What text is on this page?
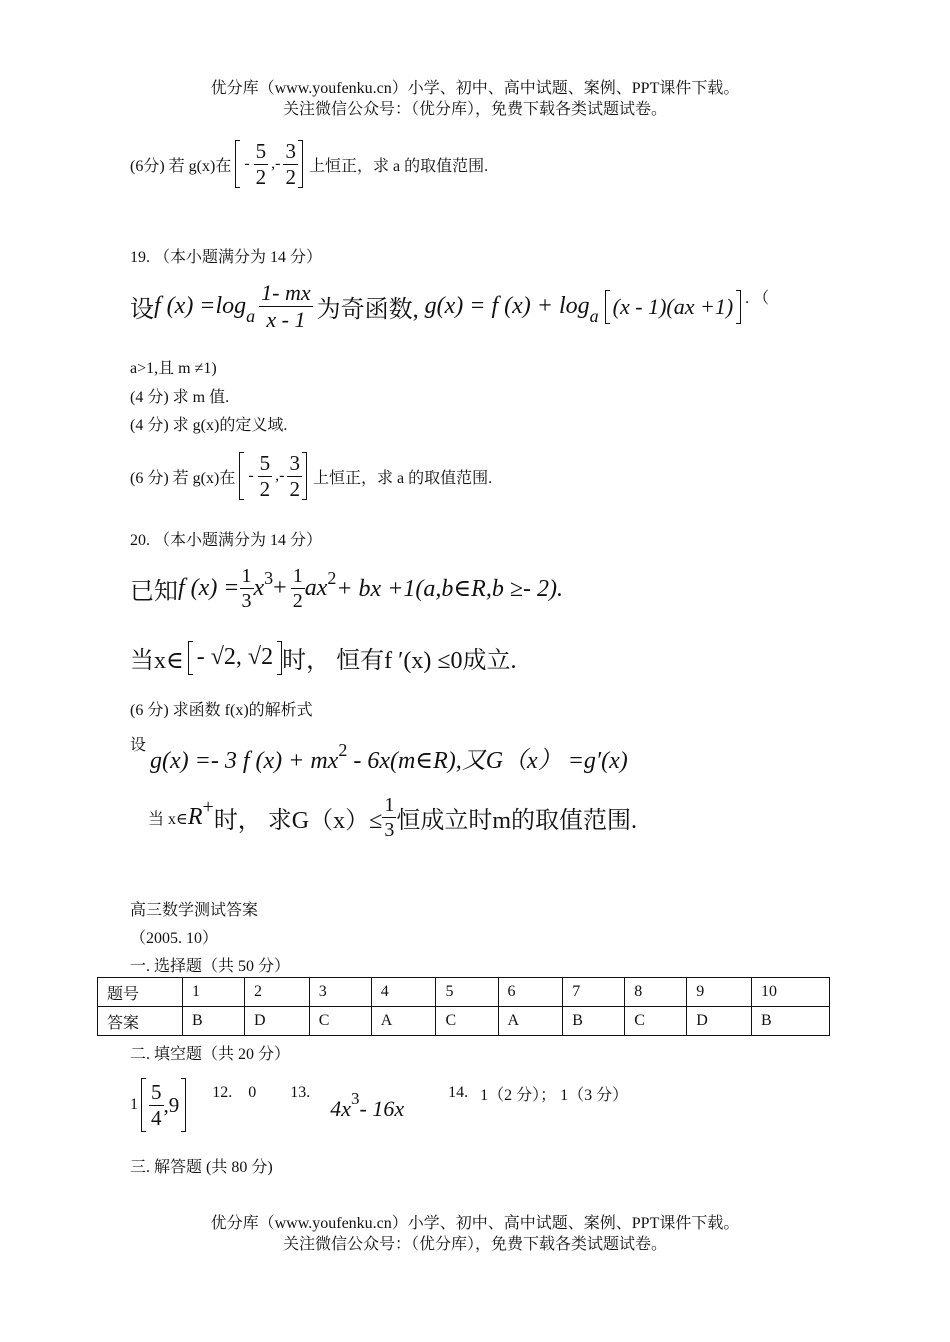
优分库（www.youfenku.cn）小学、初中、高中试题、案例、PPT课件下载。
关注微信公众号：（优分库），免费下载各类试题试卷。
(6分) 若 g(x)在 - $\frac{5}{2}$ ,- $\frac{3}{2}$ 上恒正，求 a 的取值范围.
19. （本小题满分为 14 分）
设 f (x) =log a $\frac{1- mx}{x - 1}$ 为奇函数, g(x) = f (x) + log a (x - 1)(ax +1) . （
a>1,且 m ≠1)
(4 分) 求 m 值.
(4 分) 求 g(x)的定义域.
(6 分) 若 g(x)在 - $\frac{5}{2}$ ,- $\frac{3}{2}$ 上恒正，求 a 的取值范围.
20. （本小题满分为 14 分）
已知 f $(x) = \frac{1}{3}$ x $3 + \frac{1}{2}$ ax 2 + bx +1(a,b∈R,b ≥- 2).
当x∈ - √2, √2 时， 恒有f ′(x) ≤0成立.
(6 分) 求函数 f(x)的解析式
设 g(x) =- 3 f (x) + mx2 - 6x(m∈R),又G（x） =g′(x)
当 x∈ R +
时， 求$G(x)\le \frac{1}{3}$ 恒成立时m的取值范围.
高三数学测试答案
（2005. 10）
一. 选择题（共 50 分）
题号	1	2	3	4	5	6	7	8	9	10
答案	B	D	C	A	C	A	B	C	D	B
二. 填空题（共 20 分）
$1 \frac{5}{4} ,9$ 12. 0 13.
4x 3 - 16x
14. 1（2 分）； 1（3 分）
三. 解答题 (共 80 分)
优分库（www.youfenku.cn）小学、初中、高中试题、案例、PPT课件下载。
关注微信公众号：（优分库），免费下载各类试题试卷。
